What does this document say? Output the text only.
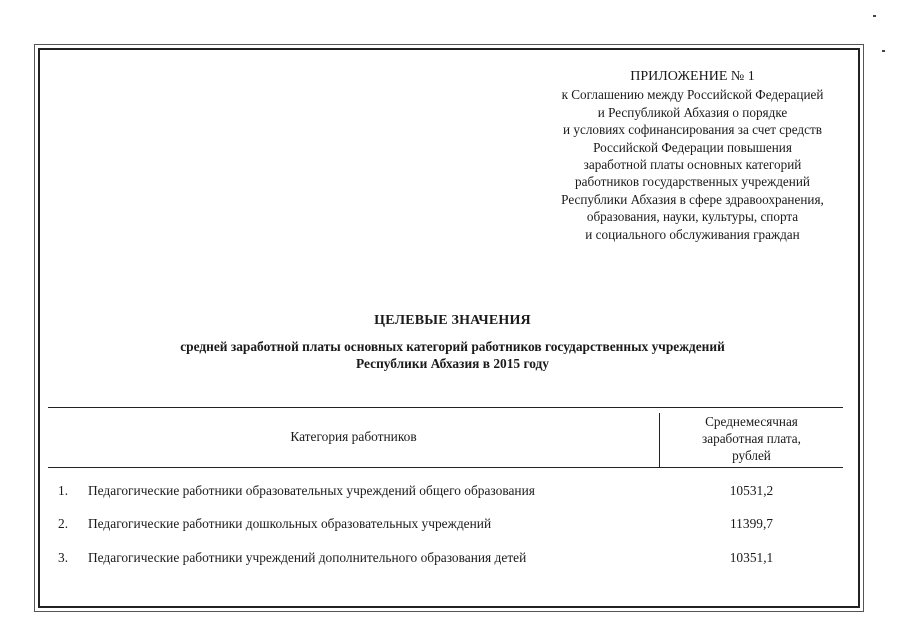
ПРИЛОЖЕНИЕ № 1
к Соглашению между Российской Федерацией
и Республикой Абхазия о порядке
и условиях софинансирования за счет средств
Российской Федерации повышения
заработной платы основных категорий
работников государственных учреждений
Республики Абхазия в сфере здравоохранения,
образования, науки, культуры, спорта
и социального обслуживания граждан
ЦЕЛЕВЫЕ ЗНАЧЕНИЯ
средней заработной платы основных категорий работников государственных учреждений
Республики Абхазия в 2015 году
Категория работников
Среднемесячная
заработная плата,
рублей
1. Педагогические работники образовательных учреждений общего образования	10531,2
2. Педагогические работники дошкольных образовательных учреждений	11399,7
3. Педагогические работники учреждений дополнительного образования детей	10351,1
